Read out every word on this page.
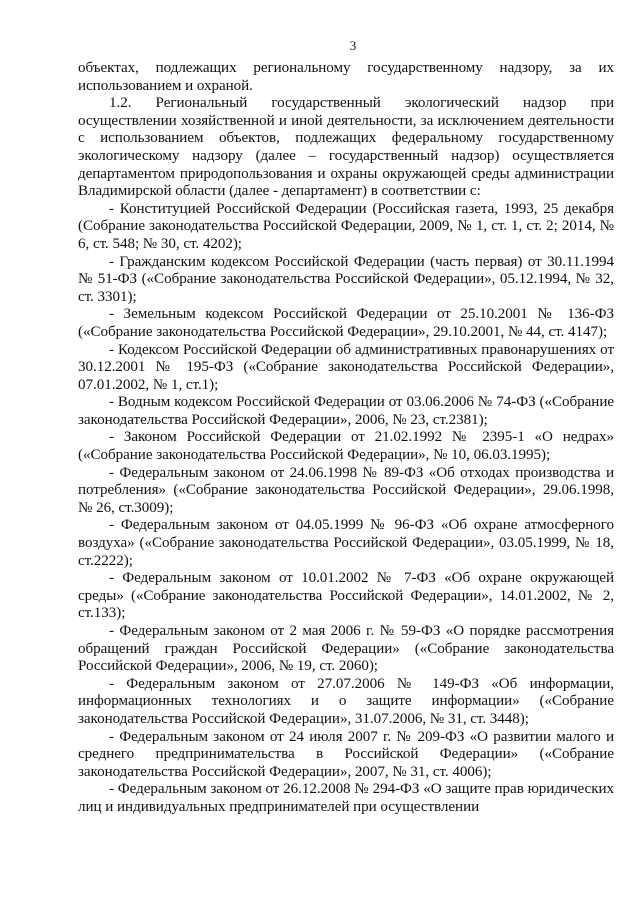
3

объектах, подлежащих региональному государственному надзору, за их использованием и охраной.

1.2. Региональный государственный экологический надзор при осуществлении хозяйственной и иной деятельности, за исключением деятельности с использованием объектов, подлежащих федеральному государственному экологическому надзору (далее – государственный надзор) осуществляется департаментом природопользования и охраны окружающей среды администрации Владимирской области (далее - департамент) в соответствии с:

- Конституцией Российской Федерации (Российская газета, 1993, 25 декабря (Собрание законодательства Российской Федерации, 2009, № 1, ст. 1, ст. 2; 2014, № 6, ст. 548; № 30, ст. 4202);

- Гражданским кодексом Российской Федерации (часть первая) от 30.11.1994 № 51-ФЗ («Собрание законодательства Российской Федерации», 05.12.1994, № 32, ст. 3301);

- Земельным кодексом Российской Федерации от 25.10.2001 № 136-ФЗ («Собрание законодательства Российской Федерации», 29.10.2001, № 44, ст. 4147);

- Кодексом Российской Федерации об административных правонарушениях от 30.12.2001 № 195-ФЗ («Собрание законодательства Российской Федерации», 07.01.2002, № 1, ст.1);

- Водным кодексом Российской Федерации от 03.06.2006 № 74-ФЗ («Собрание законодательства Российской Федерации», 2006, № 23, ст.2381);

- Законом Российской Федерации от 21.02.1992 № 2395-1 «О недрах» («Собрание законодательства Российской Федерации», № 10, 06.03.1995);

- Федеральным законом от 24.06.1998 № 89-ФЗ «Об отходах производства и потребления» («Собрание законодательства Российской Федерации», 29.06.1998, № 26, ст.3009);

- Федеральным законом от 04.05.1999 № 96-ФЗ «Об охране атмосферного воздуха» («Собрание законодательства Российской Федерации», 03.05.1999, № 18, ст.2222);

- Федеральным законом от 10.01.2002 № 7-ФЗ «Об охране окружающей среды» («Собрание законодательства Российской Федерации», 14.01.2002, № 2, ст.133);

- Федеральным законом от 2 мая 2006 г. № 59-ФЗ «О порядке рассмотрения обращений граждан Российской Федерации» («Собрание законодательства Российской Федерации», 2006, № 19, ст. 2060);

- Федеральным законом от 27.07.2006 № 149-ФЗ «Об информации, информационных технологиях и о защите информации» («Собрание законодательства Российской Федерации», 31.07.2006, № 31, ст. 3448);

- Федеральным законом от 24 июля 2007 г. № 209-ФЗ «О развитии малого и среднего предпринимательства в Российской Федерации» («Собрание законодательства Российской Федерации», 2007, № 31, ст. 4006);

- Федеральным законом от 26.12.2008 № 294-ФЗ «О защите прав юридических лиц и индивидуальных предпринимателей при осуществлении
